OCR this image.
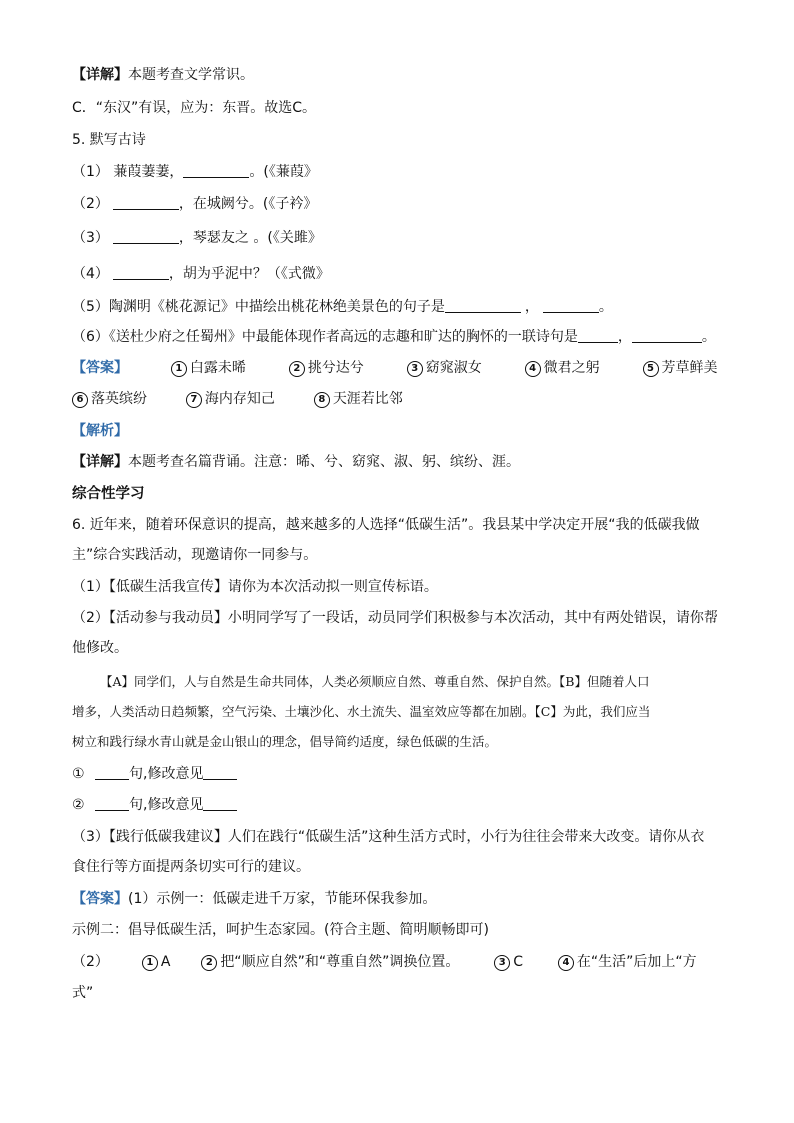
【详解】本题考查文学常识。
C．“东汉”有误，应为：东晋。故选C。
5. 默写古诗
（1） 蒹葭萋萋，	。(《蒹葭》
（2）	，在城阙兮。(《子衿》
（3）	，琴瑟友之 。(《关雎》
（4）	，胡为乎泥中？（《式微》
（5）陶渊明《桃花源记》中描绘出桃花林绝美景色的句子是	，	。
（6）《送杜少府之任蜀州》中最能体现作者高远的志趣和旷达的胸怀的一联诗句是	，	。
【答案】	1 白露未晞	2 挑兮达兮	3 窈窕淑女	4 微君之躬	5 芳草鲜美
6 落英缤纷	7 海内存知己	8 天涯若比邻
【解析】
【详解】本题考查名篇背诵。注意：晞、兮、窈窕、淑、躬、缤纷、涯。
综合性学习
6. 近年来，随着环保意识的提高，越来越多的人选择“低碳生活”。我县某中学决定开展“我的低碳我做
主”综合实践活动，现邀请你一同参与。
（1）【低碳生活我宣传】请你为本次活动拟一则宣传标语。
（2）【活动参与我动员】小明同学写了一段话，动员同学们积极参与本次活动，其中有两处错误，请你帮
他修改。
【A】同学们，人与自然是生命共同体，人类必须顺应自然、尊重自然、保护自然。【B】但随着人口
增多，人类活动日趋频繁，空气污染、土壤沙化、水土流失、温室效应等都在加剧。【C】为此，我们应当
树立和践行绿水青山就是金山银山的理念，倡导简约适度，绿色低碳的生活。
①	句,修改意见
②	句,修改意见
（3）【践行低碳我建议】人们在践行“低碳生活”这种生活方式时，小行为往往会带来大改变。请你从衣
食住行等方面提两条切实可行的建议。
【答案】(1）示例一：低碳走进千万家，节能环保我参加。
示例二：倡导低碳生活，呵护生态家园。(符合主题、简明顺畅即可)
（2）	1 A	2 把“顺应自然”和“尊重自然”调换位置。	3 C	4 在“生活”后加上“方
式”
